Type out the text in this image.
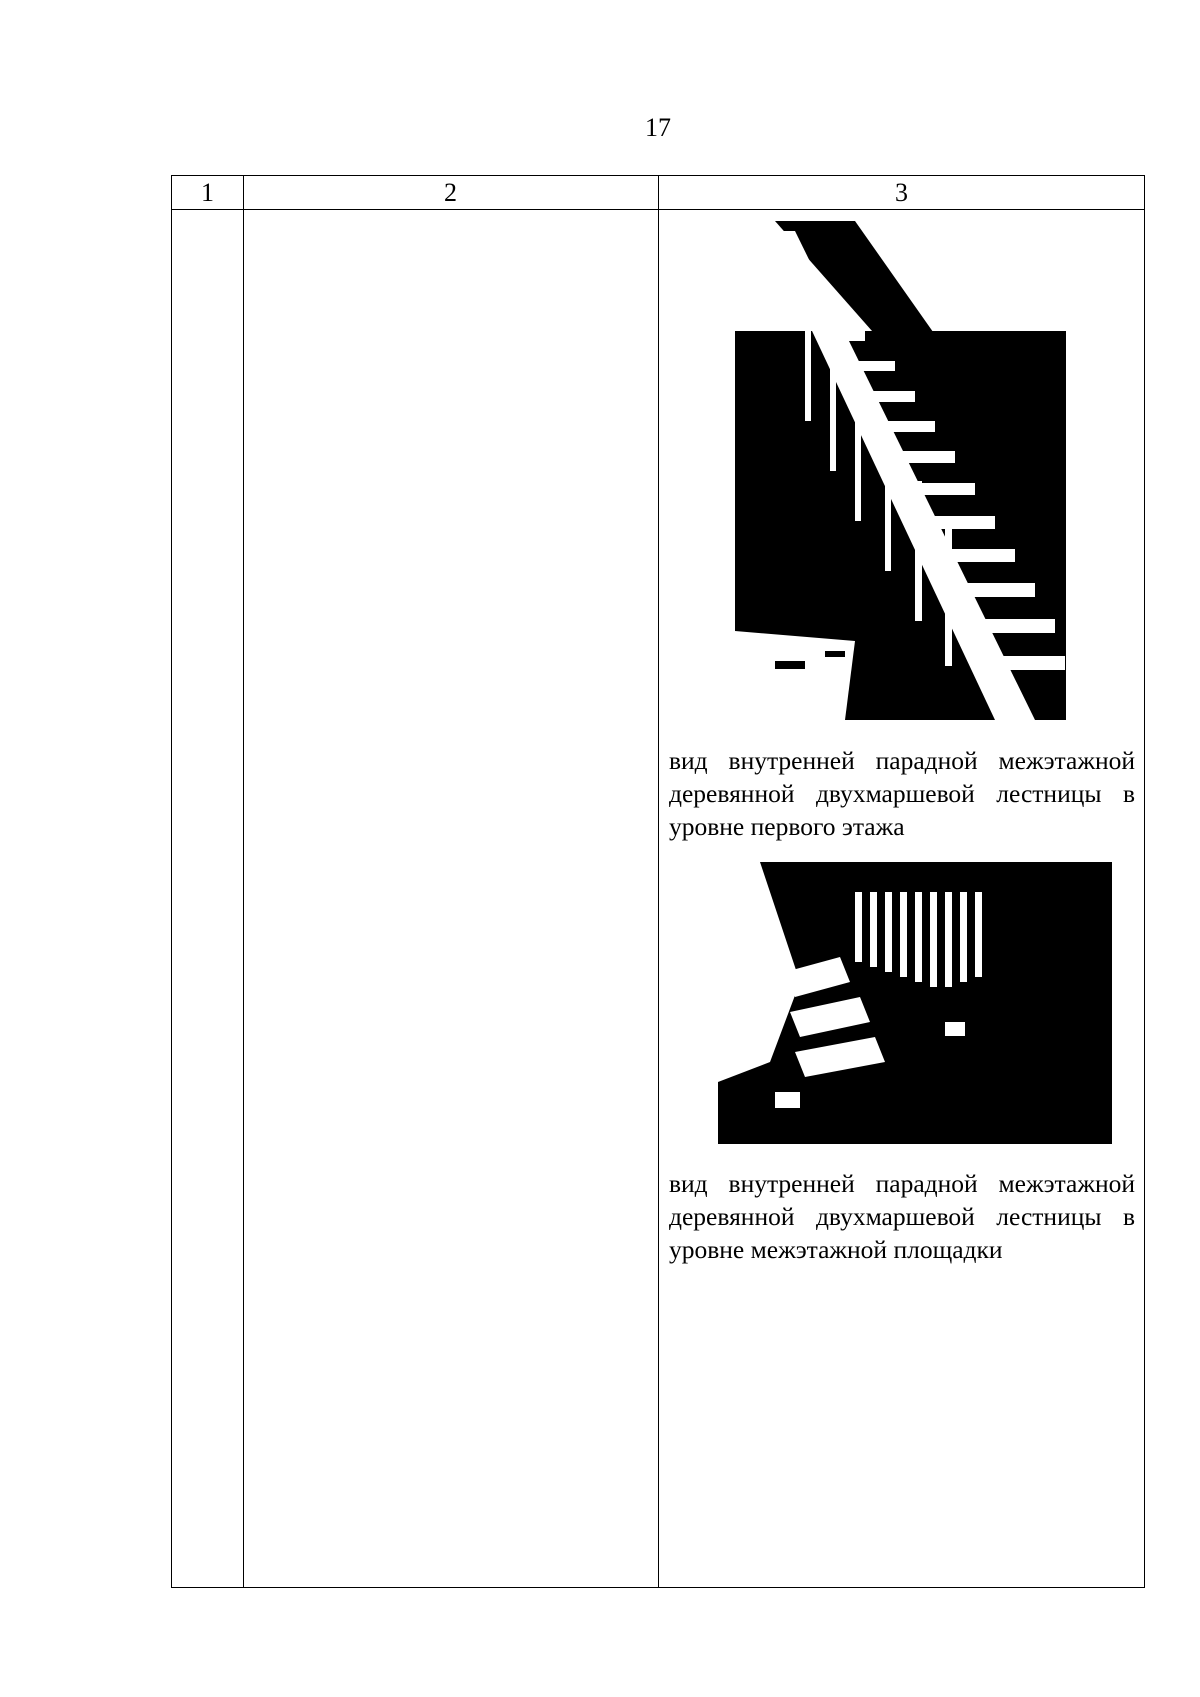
17
1	2	3
вид внутренней парадной межэтажной деревянной двухмаршевой лестницы в уровне первого этажа
вид внутренней парадной межэтажной деревянной двухмаршевой лестницы в уровне межэтажной площадки
